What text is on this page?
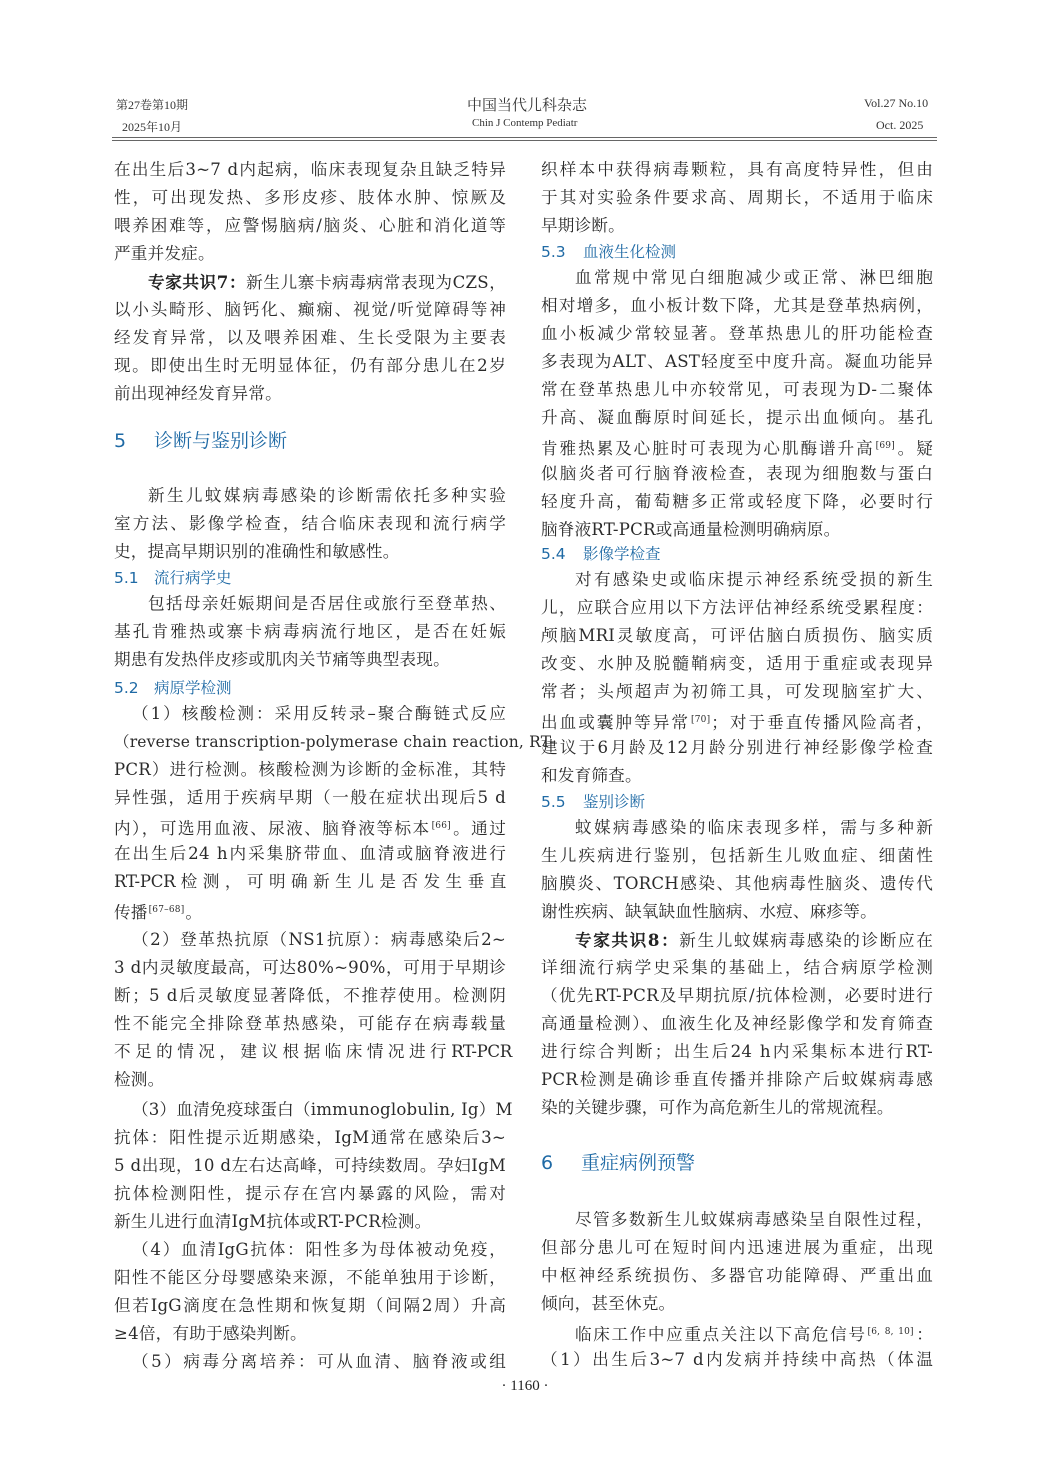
第27卷第10期
2025年10月
中国当代儿科杂志
Chin J Contemp Pediatr
Vol.27 No.10
Oct. 2025
在出生后3~7 d内起病，临床表现复杂且缺乏特异
性，可出现发热、多形皮疹、肢体水肿、惊厥及
喂养困难等，应警惕脑病/脑炎、心脏和消化道等
严重并发症。
专家共识7：新生儿寨卡病毒病常表现为CZS，
以小头畸形、脑钙化、癫痫、视觉/听觉障碍等神
经发育异常，以及喂养困难、生长受限为主要表
现。即使出生时无明显体征，仍有部分患儿在2岁
前出现神经发育异常。
5 诊断与鉴别诊断
新生儿蚊媒病毒感染的诊断需依托多种实验
室方法、影像学检查，结合临床表现和流行病学
史，提高早期识别的准确性和敏感性。
5.1 流行病学史
包括母亲妊娠期间是否居住或旅行至登革热、
基孔肯雅热或寨卡病毒病流行地区，是否在妊娠
期患有发热伴皮疹或肌肉关节痛等典型表现。
5.2 病原学检测
（1）核酸检测：采用反转录–聚合酶链式反应
（reverse transcription-polymerase chain reaction, RT-
PCR）进行检测。核酸检测为诊断的金标准，其特
异性强，适用于疾病早期（一般在症状出现后5 d
内），可选用血液、尿液、脑脊液等标本[66]。通过
在出生后24 h内采集脐带血、血清或脑脊液进行
RT-PCR 检 测 ， 可 明 确 新 生 儿 是 否 发 生 垂 直
传播[67–68]。
（2）登革热抗原（NS1抗原）：病毒感染后2~
3 d内灵敏度最高，可达80%~90%，可用于早期诊
断；5 d后灵敏度显著降低，不推荐使用。检测阴
性不能完全排除登革热感染，可能存在病毒载量
不 足 的 情 况 ， 建 议 根 据 临 床 情 况 进 行 RT-PCR
检测。
（3）血清免疫球蛋白（immunoglobulin, Ig）M
抗体：阳性提示近期感染，IgM通常在感染后3~
5 d出现，10 d左右达高峰，可持续数周。孕妇IgM
抗体检测阳性，提示存在宫内暴露的风险，需对
新生儿进行血清IgM抗体或RT-PCR检测。
（4）血清IgG抗体：阳性多为母体被动免疫，
阳性不能区分母婴感染来源，不能单独用于诊断，
但若IgG滴度在急性期和恢复期（间隔2周）升高
≥4倍，有助于感染判断。
（5）病毒分离培养：可从血清、脑脊液或组
织样本中获得病毒颗粒，具有高度特异性，但由
于其对实验条件要求高、周期长，不适用于临床
早期诊断。
5.3 血液生化检测
血常规中常见白细胞减少或正常、淋巴细胞
相对增多，血小板计数下降，尤其是登革热病例，
血小板减少常较显著。登革热患儿的肝功能检查
多表现为ALT、AST轻度至中度升高。凝血功能异
常在登革热患儿中亦较常见，可表现为D-二聚体
升高、凝血酶原时间延长，提示出血倾向。基孔
肯雅热累及心脏时可表现为心肌酶谱升高[69]。疑
似脑炎者可行脑脊液检查，表现为细胞数与蛋白
轻度升高，葡萄糖多正常或轻度下降，必要时行
脑脊液RT-PCR或高通量检测明确病原。
5.4 影像学检查
对有感染史或临床提示神经系统受损的新生
儿，应联合应用以下方法评估神经系统受累程度：
颅脑MRI灵敏度高，可评估脑白质损伤、脑实质
改变、水肿及脱髓鞘病变，适用于重症或表现异
常者；头颅超声为初筛工具，可发现脑室扩大、
出血或囊肿等异常[70]；对于垂直传播风险高者，
建议于6月龄及12月龄分别进行神经影像学检查
和发育筛查。
5.5 鉴别诊断
蚊媒病毒感染的临床表现多样，需与多种新
生儿疾病进行鉴别，包括新生儿败血症、细菌性
脑膜炎、TORCH感染、其他病毒性脑炎、遗传代
谢性疾病、缺氧缺血性脑病、水痘、麻疹等。
专家共识8：新生儿蚊媒病毒感染的诊断应在
详细流行病学史采集的基础上，结合病原学检测
（优先RT-PCR及早期抗原/抗体检测，必要时进行
高通量检测）、血液生化及神经影像学和发育筛查
进行综合判断；出生后24 h内采集标本进行RT-
PCR检测是确诊垂直传播并排除产后蚊媒病毒感
染的关键步骤，可作为高危新生儿的常规流程。
6 重症病例预警
尽管多数新生儿蚊媒病毒感染呈自限性过程，
但部分患儿可在短时间内迅速进展为重症，出现
中枢神经系统损伤、多器官功能障碍、严重出血
倾向，甚至休克。
临床工作中应重点关注以下高危信号[6, 8, 10]：
（1）出生后3~7 d内发病并持续中高热（体温
· 1160 ·
